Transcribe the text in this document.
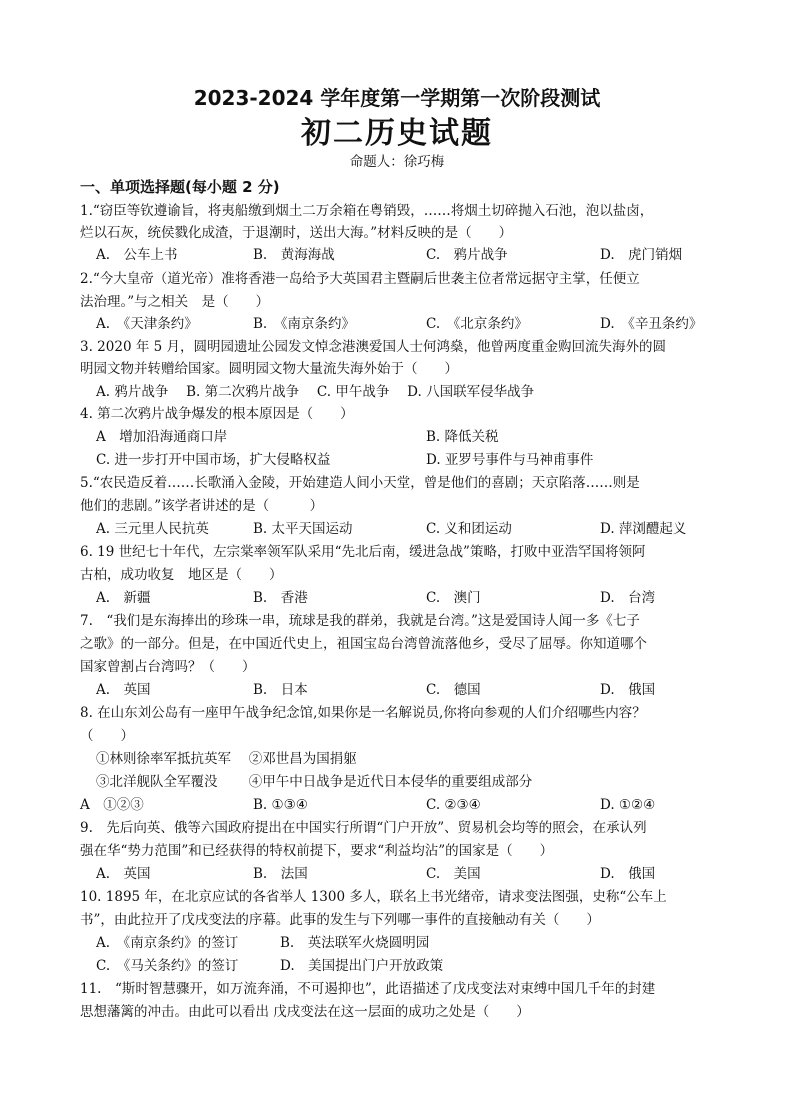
2023-2024 学年度第一学期第一次阶段测试
初二历史试题
命题人：徐巧梅
一、单项选择题(每小题 2 分)
1.“窃臣等钦遵谕旨，将夷船缴到烟土二万余箱在粤销毁，……将烟土切碎抛入石池，泡以盐卤，
烂以石灰，统侯戮化成渣，于退潮时，送出大海。”材料反映的是（　　）
A.　公车上书	B.　黄海海战	C.　鸦片战争	D.　虎门销烟
2.“今大皇帝（道光帝）准将香港一岛给予大英国君主暨嗣后世袭主位者常远据守主掌，任便立
法治理。”与之相关　是（　　）
A.　《天津条约》	B.　《南京条约》	C.　《北京条约》	D.　《辛丑条约》
3. 2020 年 5 月，圆明园遗址公园发文悼念港澳爱国人士何鸿燊，他曾两度重金购回流失海外的圆
明园文物并转赠给国家。圆明园文物大量流失海外始于（　　）
A. 鸦片战争　 B. 第二次鸦片战争　 C. 甲午战争　 D. 八国联军侵华战争
4. 第二次鸦片战争爆发的根本原因是（　　）
A　增加沿海通商口岸	B. 降低关税
C. 进一步打开中国市场，扩大侵略权益	D. 亚罗号事件与马神甫事件
5.“农民造反着……长歌涌入金陵，开始建造人间小天堂，曾是他们的喜剧；天京陷落……则是
他们的悲剧。”该学者讲述的是（　　　）
A. 三元里人民抗英	B. 太平天国运动	C. 义和团运动	D. 萍浏醴起义
6. 19 世纪七十年代，左宗棠率领军队采用“先北后南，缓进急战”策略，打败中亚浩罕国将领阿
古柏，成功收复　地区是（　　）
A.　新疆	B.　香港	C.　澳门	D.　台湾
7.　“我们是东海捧出的珍珠一串，琉球是我的群弟，我就是台湾。”这是爱国诗人闻一多《七子
之歌》的一部分。但是，在中国近代史上，祖国宝岛台湾曾流落他乡，受尽了屈辱。你知道哪个
国家曾割占台湾吗？（　　）
A.　英国	B.　日本	C.　德国	D.　俄国
8. 在山东刘公岛有一座甲午战争纪念馆,如果你是一名解说员,你将向参观的人们介绍哪些内容？
（　　）
①林则徐率军抵抗英军　 ②邓世昌为国捐躯
③北洋舰队全军覆没　　 ④甲午中日战争是近代日本侵华的重要组成部分
A　①②③	B. ①③④	C. ②③④	D. ①②④
9.　先后向英、俄等六国政府提出在中国实行所谓“门户开放”、贸易机会均等的照会，在承认列
强在华“势力范围”和已经获得的特权前提下，要求“利益均沾”的国家是（　　）
A.　英国	B.　法国	C.　美国	D.　俄国
10. 1895 年，在北京应试的各省举人 1300 多人，联名上书光绪帝，请求变法图强，史称“公车上
书”，由此拉开了戊戌变法的序幕。此事的发生与下列哪一事件的直接触动有关（　　）
A.　《南京条约》的签订	B.　英法联军火烧圆明园
C.　《马关条约》的签订	D.　美国提出门户开放政策
11.　“斯时智慧骤开，如万流奔涌，不可遏抑也”，此语描述了戊戌变法对束缚中国几千年的封建
思想藩篱的冲击。由此可以看出 戊戌变法在这一层面的成功之处是（　　）
